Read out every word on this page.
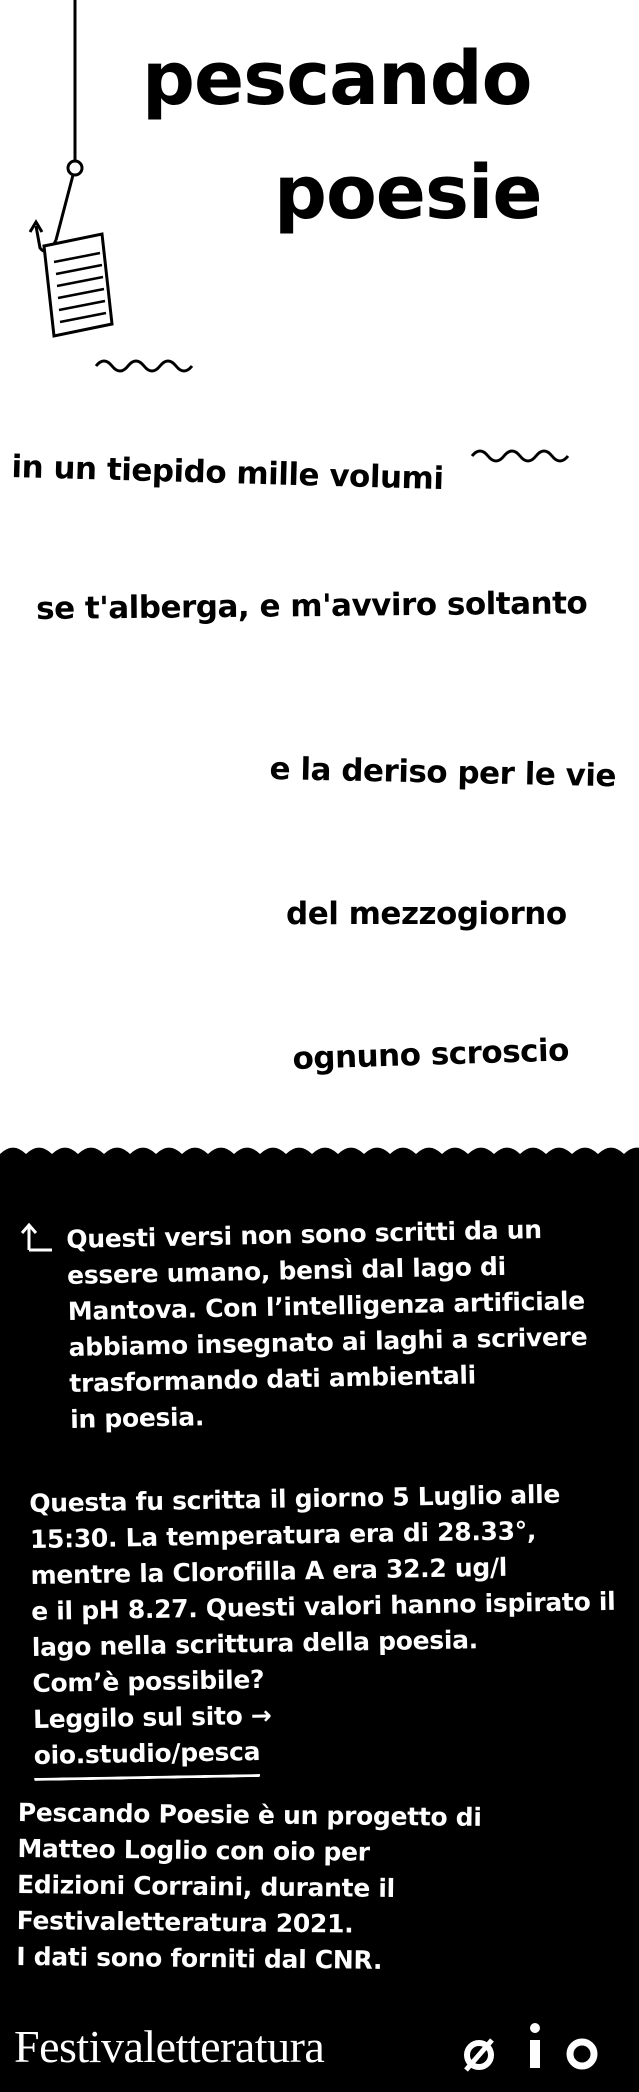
pescando
poesie

in un tiepido mille volumi

se t'alberga, e m'avviro soltanto

e la deriso per le vie

del mezzogiorno

ognuno scroscio

Questi versi non sono scritti da un
essere umano, bensì dal lago di
Mantova. Con l’intelligenza artificiale
abbiamo insegnato ai laghi a scrivere
trasformando dati ambientali
in poesia.
Questa fu scritta il giorno 5 Luglio alle
15:30. La temperatura era di 28.33°,
mentre la Clorofilla A era 32.2 ug/l
e il pH 8.27. Questi valori hanno ispirato il
lago nella scrittura della poesia.
Com’è possibile?
Leggilo sul sito →
oio.studio/pesca
Pescando Poesie è un progetto di
Matteo Loglio con oio per
Edizioni Corraini, durante il
Festivaletteratura 2021.
I dati sono forniti dal CNR.

Festivaletteratura
